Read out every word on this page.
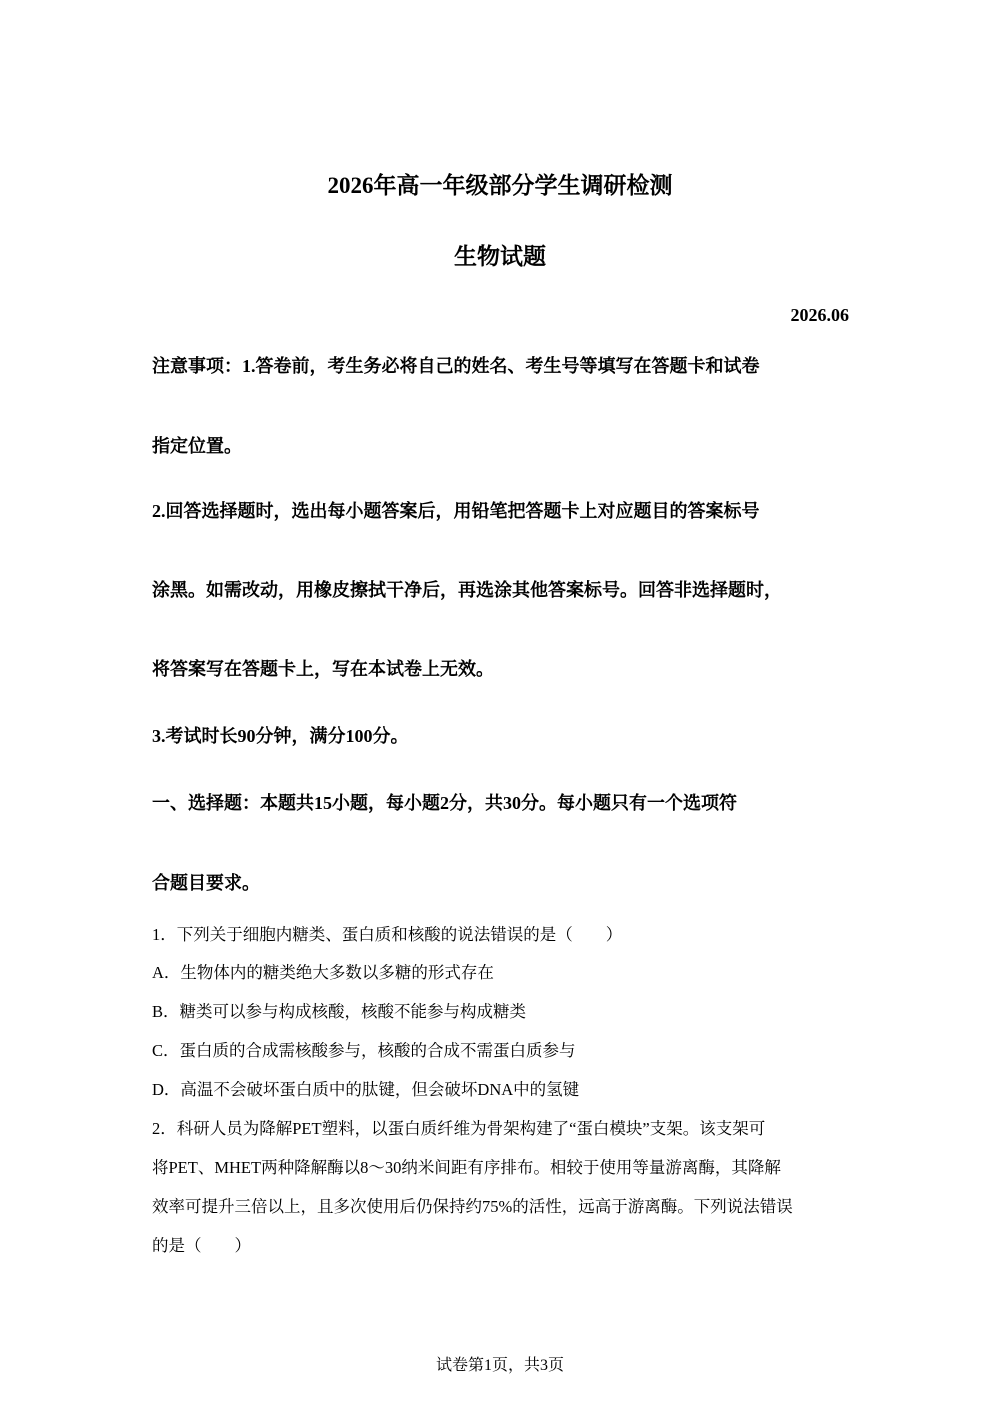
2026年高一年级部分学生调研检测
生物试题
2026.06
注意事项：1.答卷前，考生务必将自己的姓名、考生号等填写在答题卡和试卷
指定位置。
2.回答选择题时，选出每小题答案后，用铅笔把答题卡上对应题目的答案标号
涂黑。如需改动，用橡皮擦拭干净后，再选涂其他答案标号。回答非选择题时，
将答案写在答题卡上，写在本试卷上无效。
3.考试时长90分钟，满分100分。
一、选择题：本题共15小题，每小题2分，共30分。每小题只有一个选项符
合题目要求。
1．下列关于细胞内糖类、蛋白质和核酸的说法错误的是（　　）
A．生物体内的糖类绝大多数以多糖的形式存在
B．糖类可以参与构成核酸，核酸不能参与构成糖类
C．蛋白质的合成需核酸参与，核酸的合成不需蛋白质参与
D．高温不会破坏蛋白质中的肽键，但会破坏DNA中的氢键
2．科研人员为降解PET塑料，以蛋白质纤维为骨架构建了“蛋白模块”支架。该支架可
将PET、MHET两种降解酶以8～30纳米间距有序排布。相较于使用等量游离酶，其降解
效率可提升三倍以上，且多次使用后仍保持约75%的活性，远高于游离酶。下列说法错误
的是（　　）
试卷第1页，共3页
